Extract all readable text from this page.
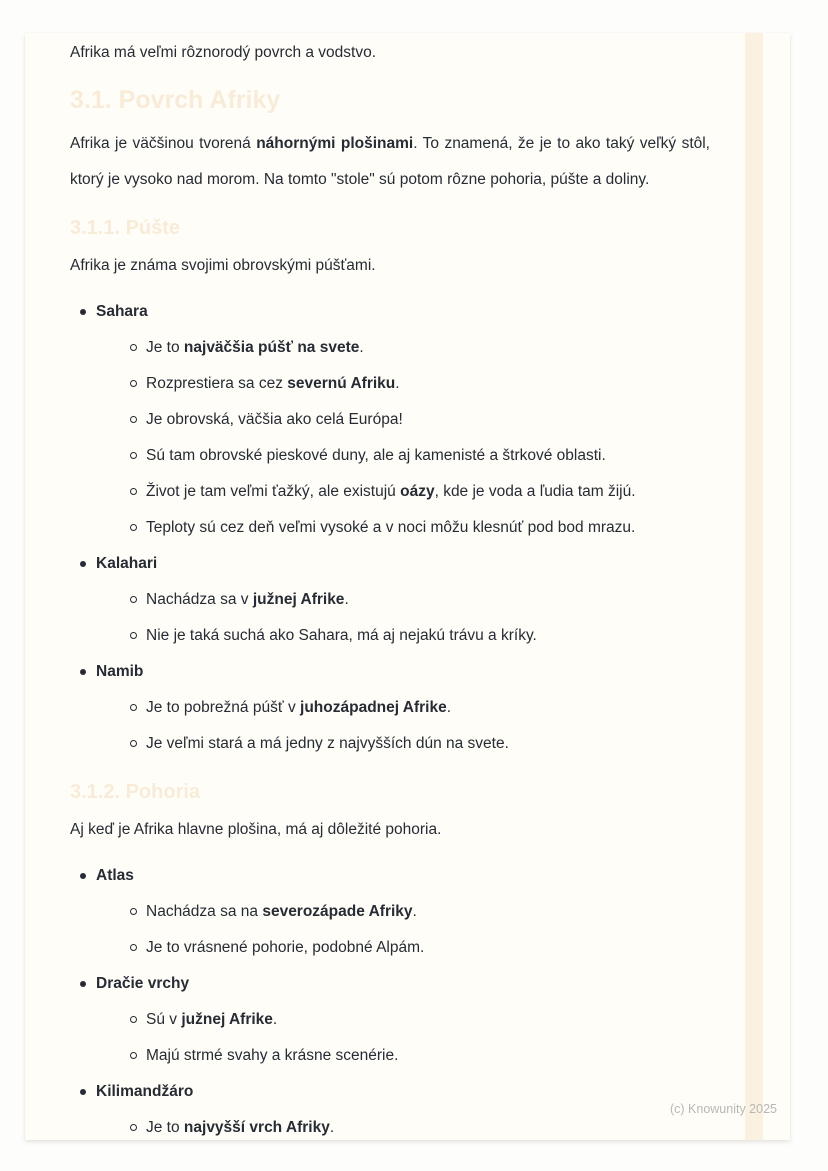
Afrika má veľmi rôznorodý povrch a vodstvo.

3.1. Povrch Afriky

Afrika je väčšinou tvorená náhornými plošinami. To znamená, že je to ako taký veľký stôl, ktorý je vysoko nad morom. Na tomto "stole" sú potom rôzne pohoria, púšte a doliny.

3.1.1. Púšte

Afrika je známa svojimi obrovskými púšťami.

Sahara
Je to najväčšia púšť na svete.
Rozprestiera sa cez severnú Afriku.
Je obrovská, väčšia ako celá Európa!
Sú tam obrovské pieskové duny, ale aj kamenisté a štrkové oblasti.
Život je tam veľmi ťažký, ale existujú oázy, kde je voda a ľudia tam žijú.
Teploty sú cez deň veľmi vysoké a v noci môžu klesnúť pod bod mrazu.
Kalahari
Nachádza sa v južnej Afrike.
Nie je taká suchá ako Sahara, má aj nejakú trávu a kríky.
Namib
Je to pobrežná púšť v juhozápadnej Afrike.
Je veľmi stará a má jedny z najvyšších dún na svete.
3.1.2. Pohoria

Aj keď je Afrika hlavne plošina, má aj dôležité pohoria.

Atlas
Nachádza sa na severozápade Afriky.
Je to vrásnené pohorie, podobné Alpám.
Dračie vrchy
Sú v južnej Afrike.
Majú strmé svahy a krásne scenérie.
Kilimandžáro
Je to najvyšší vrch Afriky.
(c) Knowunity 2025
